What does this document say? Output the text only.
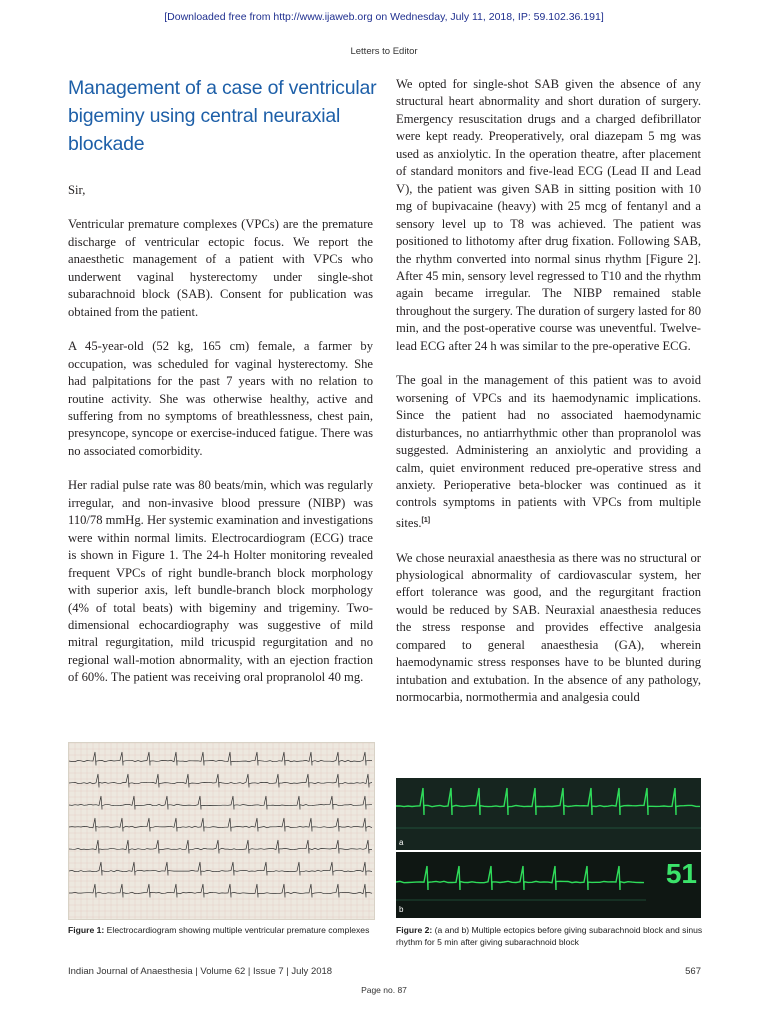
[Downloaded free from http://www.ijaweb.org on Wednesday, July 11, 2018, IP: 59.102.36.191]
Letters to Editor
Management of a case of ventricular bigeminy using central neuraxial blockade

Sir,

Ventricular premature complexes (VPCs) are the premature discharge of ventricular ectopic focus. We report the anaesthetic management of a patient with VPCs who underwent vaginal hysterectomy under single-shot subarachnoid block (SAB). Consent for publication was obtained from the patient.

A 45-year-old (52 kg, 165 cm) female, a farmer by occupation, was scheduled for vaginal hysterectomy. She had palpitations for the past 7 years with no relation to routine activity. She was otherwise healthy, active and suffering from no symptoms of breathlessness, chest pain, presyncope, syncope or exercise-induced fatigue. There was no associated comorbidity.

Her radial pulse rate was 80 beats/min, which was regularly irregular, and non-invasive blood pressure (NIBP) was 110/78 mmHg. Her systemic examination and investigations were within normal limits. Electrocardiogram (ECG) trace is shown in Figure 1. The 24-h Holter monitoring revealed frequent VPCs of right bundle-branch block morphology with superior axis, left bundle-branch block morphology (4% of total beats) with bigeminy and trigeminy. Two-dimensional echocardiography was suggestive of mild mitral regurgitation, mild tricuspid regurgitation and no regional wall-motion abnormality, with an ejection fraction of 60%. The patient was receiving oral propranolol 40 mg.

We opted for single-shot SAB given the absence of any structural heart abnormality and short duration of surgery. Emergency resuscitation drugs and a charged defibrillator were kept ready. Preoperatively, oral diazepam 5 mg was used as anxiolytic. In the operation theatre, after placement of standard monitors and five-lead ECG (Lead II and Lead V), the patient was given SAB in sitting position with 10 mg of bupivacaine (heavy) with 25 mcg of fentanyl and a sensory level up to T8 was achieved. The patient was positioned to lithotomy after drug fixation. Following SAB, the rhythm converted into normal sinus rhythm [Figure 2]. After 45 min, sensory level regressed to T10 and the rhythm again became irregular. The NIBP remained stable throughout the surgery. The duration of surgery lasted for 80 min, and the post-operative course was uneventful. Twelve-lead ECG after 24 h was similar to the pre-operative ECG.

The goal in the management of this patient was to avoid worsening of VPCs and its haemodynamic implications. Since the patient had no associated haemodynamic disturbances, no antiarrhythmic other than propranolol was suggested. Administering an anxiolytic and providing a calm, quiet environment reduced pre-operative stress and anxiety. Perioperative beta-blocker was continued as it controls symptoms in patients with VPCs from multiple sites.[1]

We chose neuraxial anaesthesia as there was no structural or physiological abnormality of cardiovascular system, her effort tolerance was good, and the regurgitant fraction would be reduced by SAB. Neuraxial anaesthesia reduces the stress response and provides effective analgesia compared to general anaesthesia (GA), wherein haemodynamic stress responses have to be blunted during intubation and extubation. In the absence of any pathology, normocarbia, normothermia and analgesia could

a
b
51
Figure 1: Electrocardiogram showing multiple ventricular premature complexes	Figure 2: (a and b) Multiple ectopics before giving subarachnoid block and sinus rhythm for 5 min after giving subarachnoid block
Indian Journal of Anaesthesia | Volume 62 | Issue 7 | July 2018	567
Page no. 87
